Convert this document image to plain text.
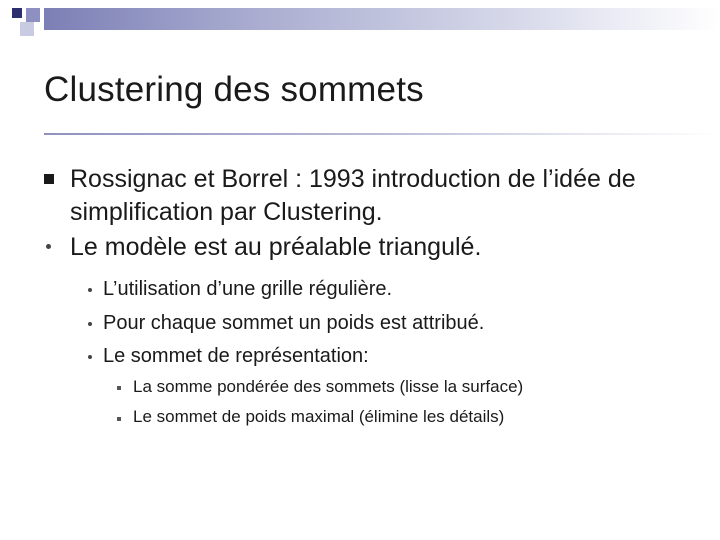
Clustering des sommets
Rossignac et Borrel : 1993 introduction de l’idée de simplification par Clustering.
Le modèle est au préalable triangulé.
L’utilisation d’une grille régulière.
Pour chaque sommet un poids est attribué.
Le sommet de représentation:
La somme pondérée des sommets (lisse la surface)
Le sommet de poids maximal (élimine les détails)
